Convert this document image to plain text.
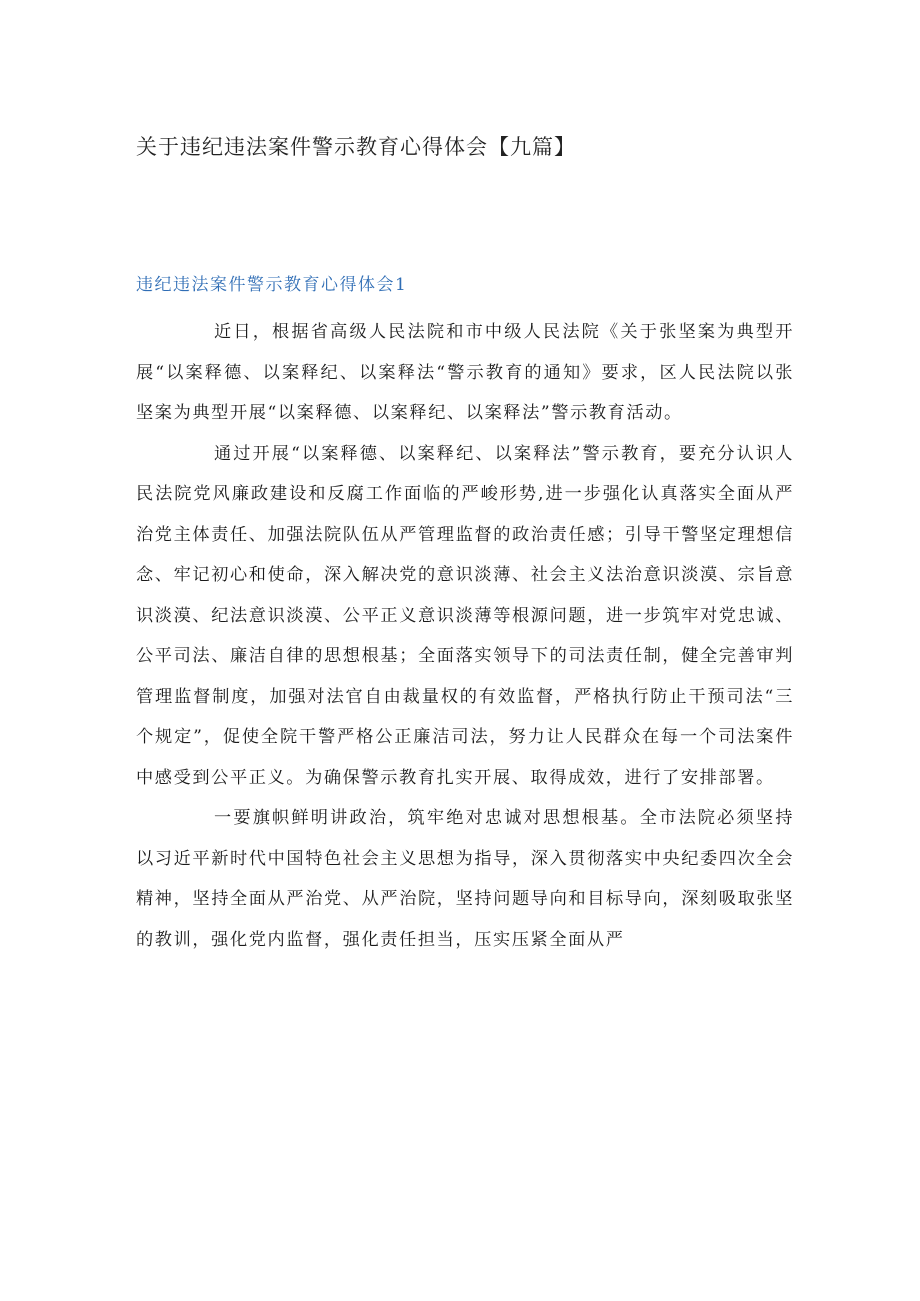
关于违纪违法案件警示教育心得体会【九篇】
违纪违法案件警示教育心得体会1

近日，根据省高级人民法院和市中级人民法院《关于张坚案为典型开展“以案释德、以案释纪、以案释法“警示教育的通知》要求，区人民法院以张坚案为典型开展“以案释德、以案释纪、以案释法”警示教育活动。

通过开展“以案释德、以案释纪、以案释法”警示教育，要充分认识人民法院党风廉政建设和反腐工作面临的严峻形势,进一步强化认真落实全面从严治党主体责任、加强法院队伍从严管理监督的政治责任感；引导干警坚定理想信念、牢记初心和使命，深入解决党的意识淡薄、社会主义法治意识淡漠、宗旨意识淡漠、纪法意识淡漠、公平正义意识淡薄等根源问题，进一步筑牢对党忠诚、公平司法、廉洁自律的思想根基；全面落实领导下的司法责任制，健全完善审判管理监督制度，加强对法官自由裁量权的有效监督，严格执行防止干预司法“三个规定”，促使全院干警严格公正廉洁司法，努力让人民群众在每一个司法案件中感受到公平正义。为确保警示教育扎实开展、取得成效，进行了安排部署。

一要旗帜鲜明讲政治，筑牢绝对忠诚对思想根基。全市法院必须坚持以习近平新时代中国特色社会主义思想为指导，深入贯彻落实中央纪委四次全会精神，坚持全面从严治党、从严治院，坚持问题导向和目标导向，深刻吸取张坚的教训，强化党内监督，强化责任担当，压实压紧全面从严
